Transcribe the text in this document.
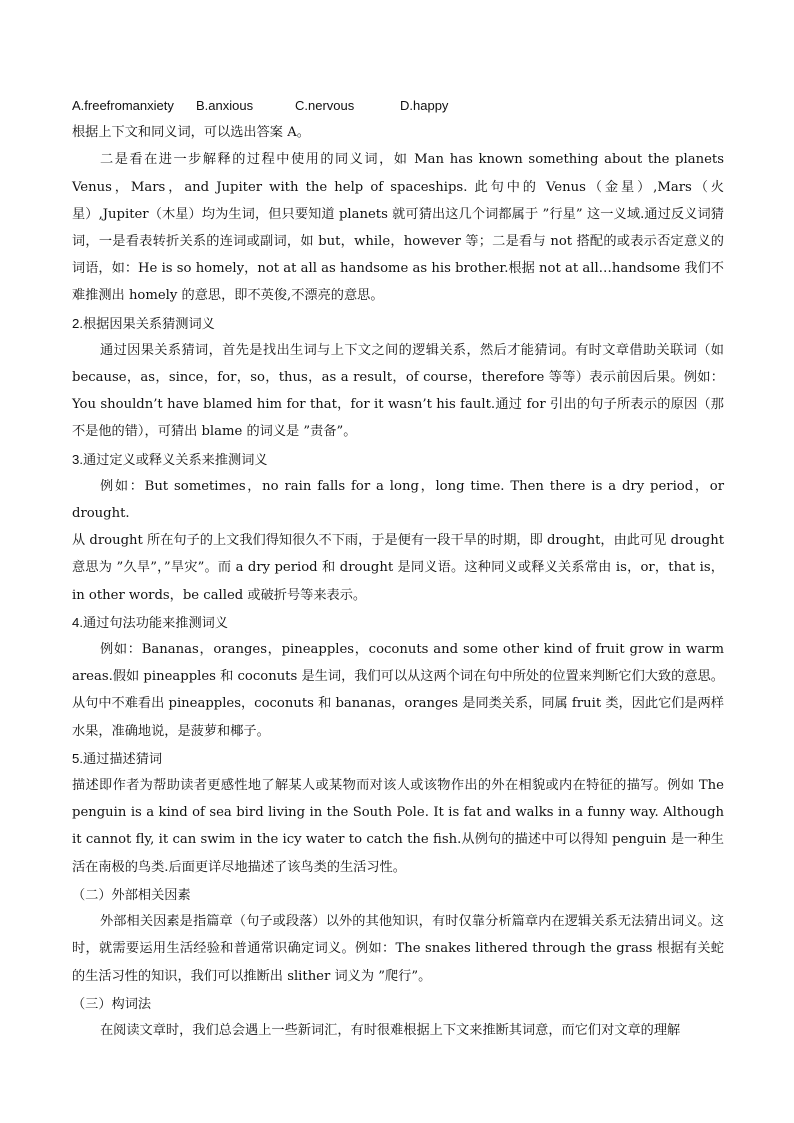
A.freefromanxiety	B.anxious	C.nervous	D.happy

根据上下文和同义词，可以选出答案 A。

二是看在进一步解释的过程中使用的同义词，如 Man has known something about the planets Venus，Mars，and Jupiter with the help of spaceships. 此句中的 Venus（金星）,Mars（火星）,Jupiter（木星）均为生词，但只要知道 planets 就可猜出这几个词都属于 ”行星” 这一义域.通过反义词猜词，一是看表转折关系的连词或副词，如 but，while，however 等；二是看与 not 搭配的或表示否定意义的词语，如：He is so homely，not at all as handsome as his brother.根据 not at all…handsome 我们不难推测出 homely 的意思，即不英俊,不漂亮的意思。

2.根据因果关系猜测词义

通过因果关系猜词，首先是找出生词与上下文之间的逻辑关系，然后才能猜词。有时文章借助关联词（如 because，as，since，for，so，thus，as a result，of course，therefore 等等）表示前因后果。例如：You shouldn’t have blamed him for that，for it wasn’t his fault.通过 for 引出的句子所表示的原因（那不是他的错），可猜出 blame 的词义是 ”责备”。

3.通过定义或释义关系来推测词义

例如：But sometimes，no rain falls for a long，long time. Then there is a dry period，or drought.

从 drought 所在句子的上文我们得知很久不下雨，于是便有一段干旱的时期，即 drought，由此可见 drought 意思为 ”久旱”，”旱灾”。而 a dry period 和 drought 是同义语。这种同义或释义关系常由 is，or，that is，in other words，be called 或破折号等来表示。

4.通过句法功能来推测词义

例如：Bananas，oranges，pineapples，coconuts and some other kind of fruit grow in warm areas.假如 pineapples 和 coconuts 是生词，我们可以从这两个词在句中所处的位置来判断它们大致的意思。从句中不难看出 pineapples，coconuts 和 bananas，oranges 是同类关系，同属 fruit 类，因此它们是两样水果，准确地说，是菠萝和椰子。

5.通过描述猜词

描述即作者为帮助读者更感性地了解某人或某物而对该人或该物作出的外在相貌或内在特征的描写。例如 The penguin is a kind of sea bird living in the South Pole. It is fat and walks in a funny way. Although it cannot fly, it can swim in the icy water to catch the fish.从例句的描述中可以得知 penguin 是一种生活在南极的鸟类.后面更详尽地描述了该鸟类的生活习性。

（二）外部相关因素

外部相关因素是指篇章（句子或段落）以外的其他知识，有时仅靠分析篇章内在逻辑关系无法猜出词义。这时，就需要运用生活经验和普通常识确定词义。例如：The snakes lithered through the grass 根据有关蛇的生活习性的知识，我们可以推断出 slither 词义为 ”爬行”。

（三）构词法

在阅读文章时，我们总会遇上一些新词汇，有时很难根据上下文来推断其词意，而它们对文章的理解
